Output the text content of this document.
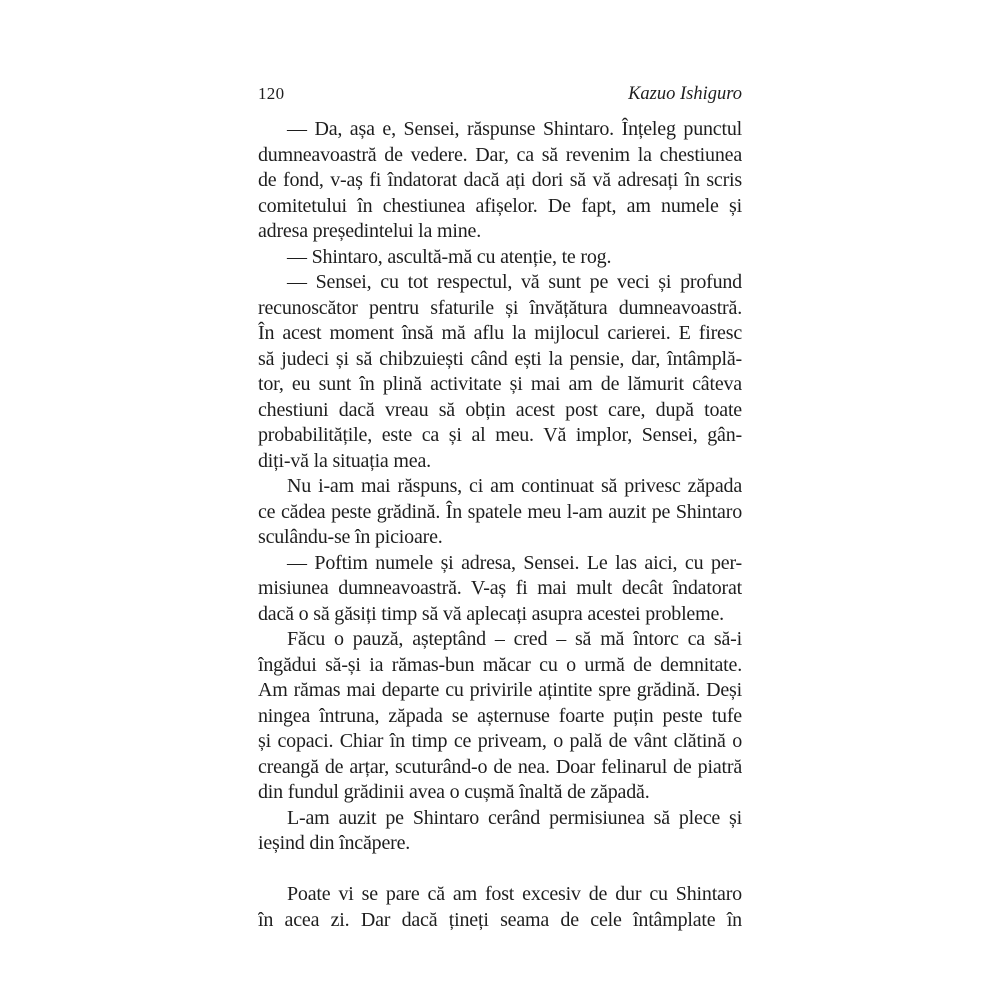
120	Kazuo Ishiguro
— Da, așa e, Sensei, răspunse Shintaro. Înțeleg punctul
dumneavoastră de vedere. Dar, ca să revenim la chestiunea
de fond, v-aș fi îndatorat dacă ați dori să vă adresați în scris
comitetului în chestiunea afișelor. De fapt, am numele și
adresa președintelui la mine.
— Shintaro, ascultă-mă cu atenție, te rog.
— Sensei, cu tot respectul, vă sunt pe veci și profund
recunoscător pentru sfaturile și învățătura dumneavoastră.
În acest moment însă mă aflu la mijlocul carierei. E firesc
să judeci și să chibzuiești când ești la pensie, dar, întâmplă-
tor, eu sunt în plină activitate și mai am de lămurit câteva
chestiuni dacă vreau să obțin acest post care, după toate
probabilitățile, este ca și al meu. Vă implor, Sensei, gân-
diți-vă la situația mea.
Nu i-am mai răspuns, ci am continuat să privesc zăpada
ce cădea peste grădină. În spatele meu l-am auzit pe Shintaro
sculându-se în picioare.
— Poftim numele și adresa, Sensei. Le las aici, cu per-
misiunea dumneavoastră. V-aș fi mai mult decât îndatorat
dacă o să găsiți timp să vă aplecați asupra acestei probleme.
Făcu o pauză, așteptând – cred – să mă întorc ca să-i
îngădui să-și ia rămas-bun măcar cu o urmă de demnitate.
Am rămas mai departe cu privirile ațintite spre grădină. Deși
ningea întruna, zăpada se așternuse foarte puțin peste tufe
și copaci. Chiar în timp ce priveam, o pală de vânt clătină o
creangă de arțar, scuturând-o de nea. Doar felinarul de piatră
din fundul grădinii avea o cușmă înaltă de zăpadă.
L-am auzit pe Shintaro cerând permisiunea să plece și
ieșind din încăpere.
Poate vi se pare că am fost excesiv de dur cu Shintaro
în acea zi. Dar dacă țineți seama de cele întâmplate în
